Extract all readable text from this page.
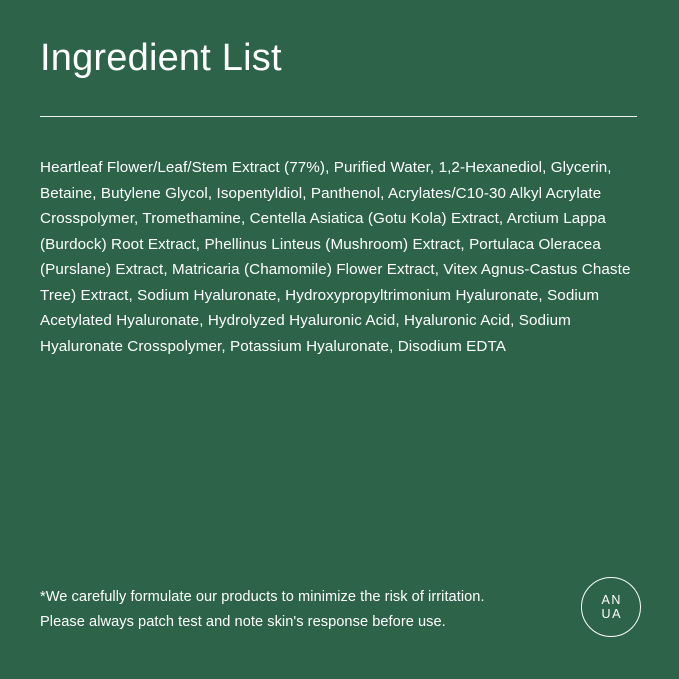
Ingredient List
Heartleaf Flower/Leaf/Stem Extract (77%), Purified Water, 1,2-Hexanediol, Glycerin, Betaine, Butylene Glycol, Isopentyldiol, Panthenol, Acrylates/C10-30 Alkyl Acrylate Crosspolymer, Tromethamine, Centella Asiatica (Gotu Kola) Extract, Arctium Lappa (Burdock) Root Extract, Phellinus Linteus (Mushroom) Extract, Portulaca Oleracea (Purslane) Extract, Matricaria (Chamomile) Flower Extract, Vitex Agnus-Castus Chaste Tree) Extract, Sodium Hyaluronate, Hydroxypropyltrimonium Hyaluronate, Sodium Acetylated Hyaluronate, Hydrolyzed Hyaluronic Acid, Hyaluronic Acid, Sodium Hyaluronate Crosspolymer, Potassium Hyaluronate, Disodium EDTA
*We carefully formulate our products to minimize the risk of irritation.
Please always patch test and note skin's response before use.
AN
UA
